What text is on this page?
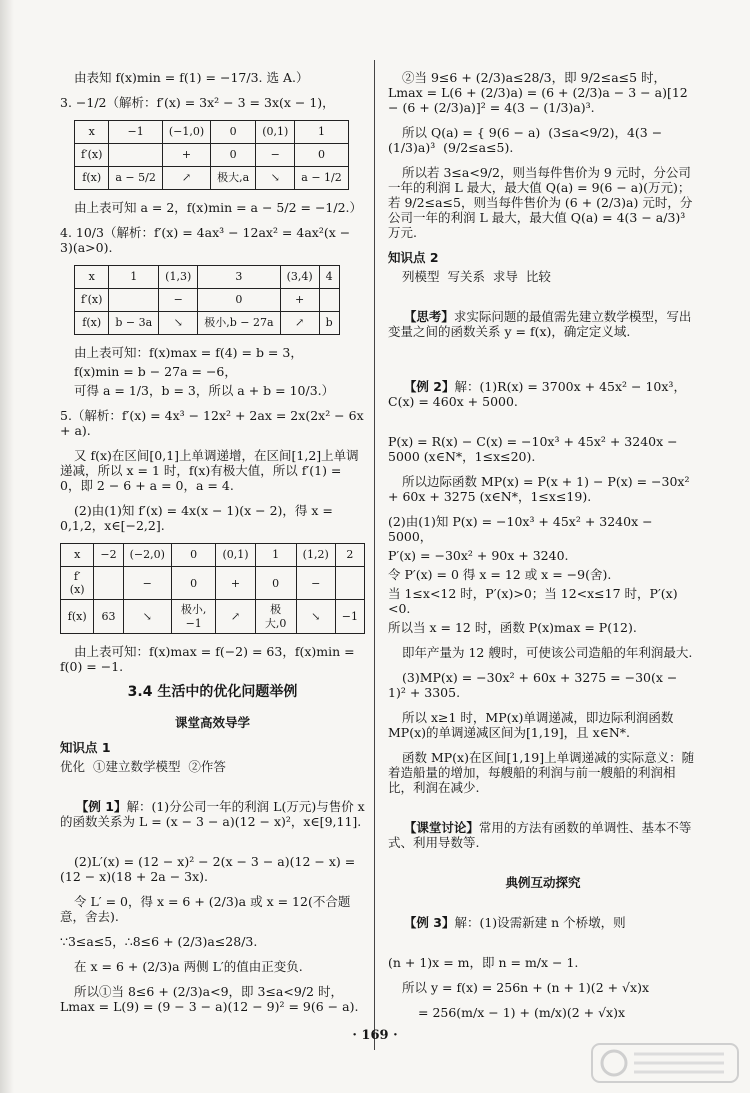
由表知 f(x)min = f(1) = −17/3. 选 A.）

3. −1/2（解析：f′(x) = 3x² − 3 = 3x(x − 1)，

x	−1	(−1,0)	0	(0,1)	1
f′(x)		+	0	−	0
f(x)	a − 5/2	↗	极大,a	↘	a − 1/2

由上表可知 a = 2，f(x)min = a − 5/2 = −1/2.）

4. 10/3（解析：f′(x) = 4ax³ − 12ax² = 4ax²(x − 3)(a>0).

x	1	(1,3)	3	(3,4)	4
f′(x)		−	0	+	
f(x)	b − 3a	↘	极小,b − 27a	↗	b

由上表可知：f(x)max = f(4) = b = 3，

f(x)min = b − 27a = −6，

可得 a = 1/3，b = 3，所以 a + b = 10/3.）

5.（解析：f′(x) = 4x³ − 12x² + 2ax = 2x(2x² − 6x + a).

又 f(x)在区间[0,1]上单调递增，在区间[1,2]上单调递减，所以 x = 1 时，f(x)有极大值，所以 f′(1) = 0，即 2 − 6 + a = 0，a = 4.

(2)由(1)知 f′(x) = 4x(x − 1)(x − 2)，得 x = 0,1,2，x∈[−2,2].

x	−2	(−2,0)	0	(0,1)	1	(1,2)	2
f′(x)		−	0	+	0	−	
f(x)	63	↘	极小,−1	↗	极大,0	↘	−1

由上表可知：f(x)max = f(−2) = 63，f(x)min = f(0) = −1.

3.4 生活中的优化问题举例
课堂高效导学

知识点 1

优化  ①建立数学模型  ②作答

【例 1】解：(1)分公司一年的利润 L(万元)与售价 x 的函数关系为 L = (x − 3 − a)(12 − x)²，x∈[9,11].

(2)L′(x) = (12 − x)² − 2(x − 3 − a)(12 − x) = (12 − x)(18 + 2a − 3x).

令 L′ = 0，得 x = 6 + (2/3)a 或 x = 12(不合题意，舍去).

∵3≤a≤5，∴8≤6 + (2/3)a≤28/3.

在 x = 6 + (2/3)a 两侧 L′的值由正变负.

所以①当 8≤6 + (2/3)a<9，即 3≤a<9/2 时，Lmax = L(9) = (9 − 3 − a)(12 − 9)² = 9(6 − a).

②当 9≤6 + (2/3)a≤28/3，即 9/2≤a≤5 时，Lmax = L(6 + (2/3)a) = (6 + (2/3)a − 3 − a)[12 − (6 + (2/3)a)]² = 4(3 − (1/3)a)³.

所以 Q(a) = { 9(6 − a)  (3≤a<9/2)，4(3 − (1/3)a)³  (9/2≤a≤5).

所以若 3≤a<9/2，则当每件售价为 9 元时，分公司一年的利润 L 最大，最大值 Q(a) = 9(6 − a)(万元)；若 9/2≤a≤5，则当每件售价为 (6 + (2/3)a) 元时，分公司一年的利润 L 最大，最大值 Q(a) = 4(3 − a/3)³ 万元.

知识点 2

列模型  写关系  求导  比较

【思考】求实际问题的最值需先建立数学模型，写出变量之间的函数关系 y = f(x)，确定定义域.

【例 2】解：(1)R(x) = 3700x + 45x² − 10x³，C(x) = 460x + 5000.

P(x) = R(x) − C(x) = −10x³ + 45x² + 3240x − 5000 (x∈N*，1≤x≤20).

所以边际函数 MP(x) = P(x + 1) − P(x) = −30x² + 60x + 3275 (x∈N*，1≤x≤19).

(2)由(1)知 P(x) = −10x³ + 45x² + 3240x − 5000，

P′(x) = −30x² + 90x + 3240.

令 P′(x) = 0 得 x = 12 或 x = −9(舍).

当 1≤x<12 时，P′(x)>0；当 12<x≤17 时，P′(x)<0.

所以当 x = 12 时，函数 P(x)max = P(12).

即年产量为 12 艘时，可使该公司造船的年利润最大.

(3)MP(x) = −30x² + 60x + 3275 = −30(x − 1)² + 3305.

所以 x≥1 时，MP(x)单调递减，即边际利润函数 MP(x)的单调递减区间为[1,19]，且 x∈N*.

函数 MP(x)在区间[1,19]上单调递减的实际意义：随着造船量的增加，每艘船的利润与前一艘船的利润相比，利润在减少.

【课堂讨论】常用的方法有函数的单调性、基本不等式、利用导数等.

典例互动探究

【例 3】解：(1)设需新建 n 个桥墩，则

(n + 1)x = m，即 n = m/x − 1.

所以 y = f(x) = 256n + (n + 1)(2 + √x)x

= 256(m/x − 1) + (m/x)(2 + √x)x

· 169 ·
